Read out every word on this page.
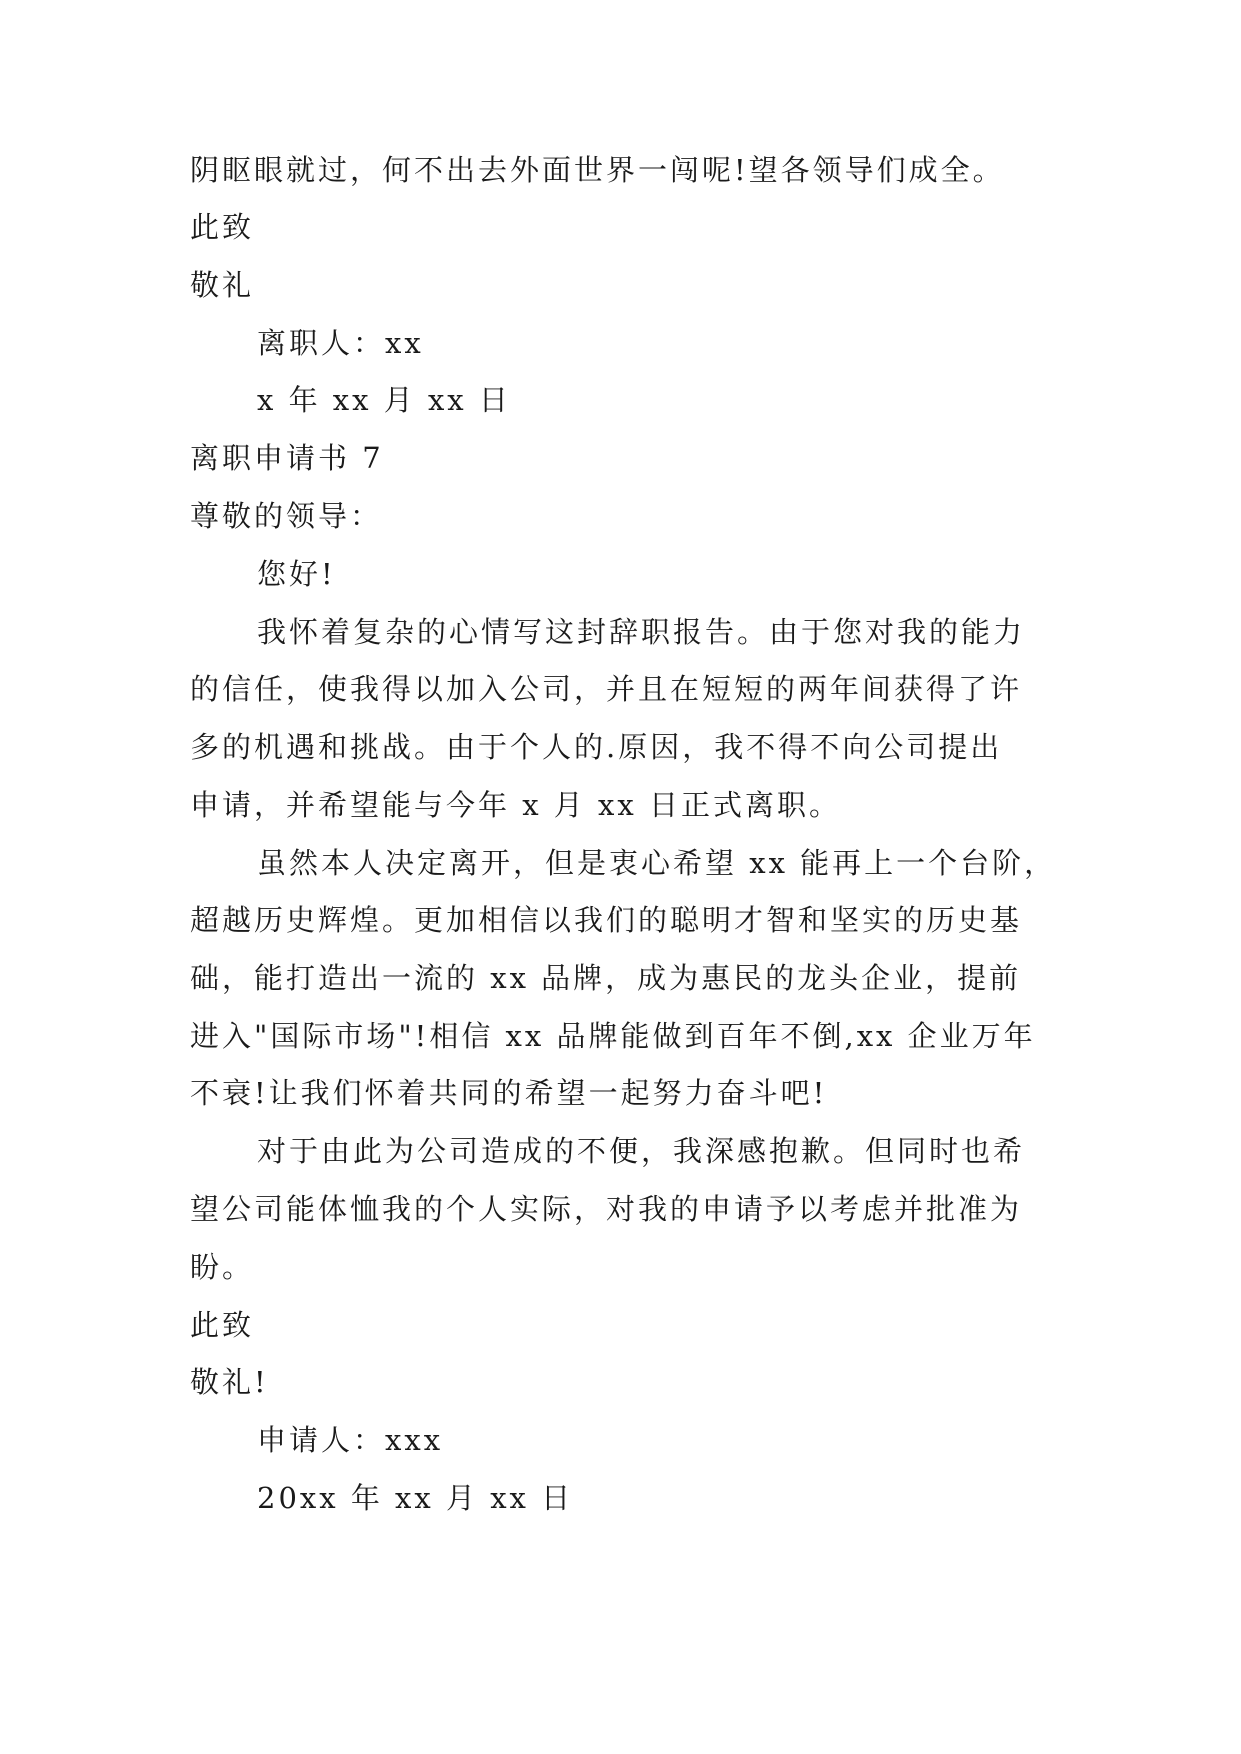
阴眍眼就过，何不出去外面世界一闯呢!望各领导们成全。
此致
敬礼
离职人：xx
x 年 xx 月 xx 日
离职申请书 7
尊敬的领导：
您好!
我怀着复杂的心情写这封辞职报告。由于您对我的能力
的信任，使我得以加入公司，并且在短短的两年间获得了许
多的机遇和挑战。由于个人的.原因，我不得不向公司提出
申请，并希望能与今年 x 月 xx 日正式离职。
虽然本人决定离开，但是衷心希望 xx 能再上一个台阶，
超越历史辉煌。更加相信以我们的聪明才智和坚实的历史基
础，能打造出一流的 xx 品牌，成为惠民的龙头企业，提前
进入"国际市场"!相信 xx 品牌能做到百年不倒,xx 企业万年
不衰!让我们怀着共同的希望一起努力奋斗吧!
对于由此为公司造成的不便，我深感抱歉。但同时也希
望公司能体恤我的个人实际，对我的申请予以考虑并批准为
盼。
此致
敬礼!
申请人：xxx
20xx 年 xx 月 xx 日
